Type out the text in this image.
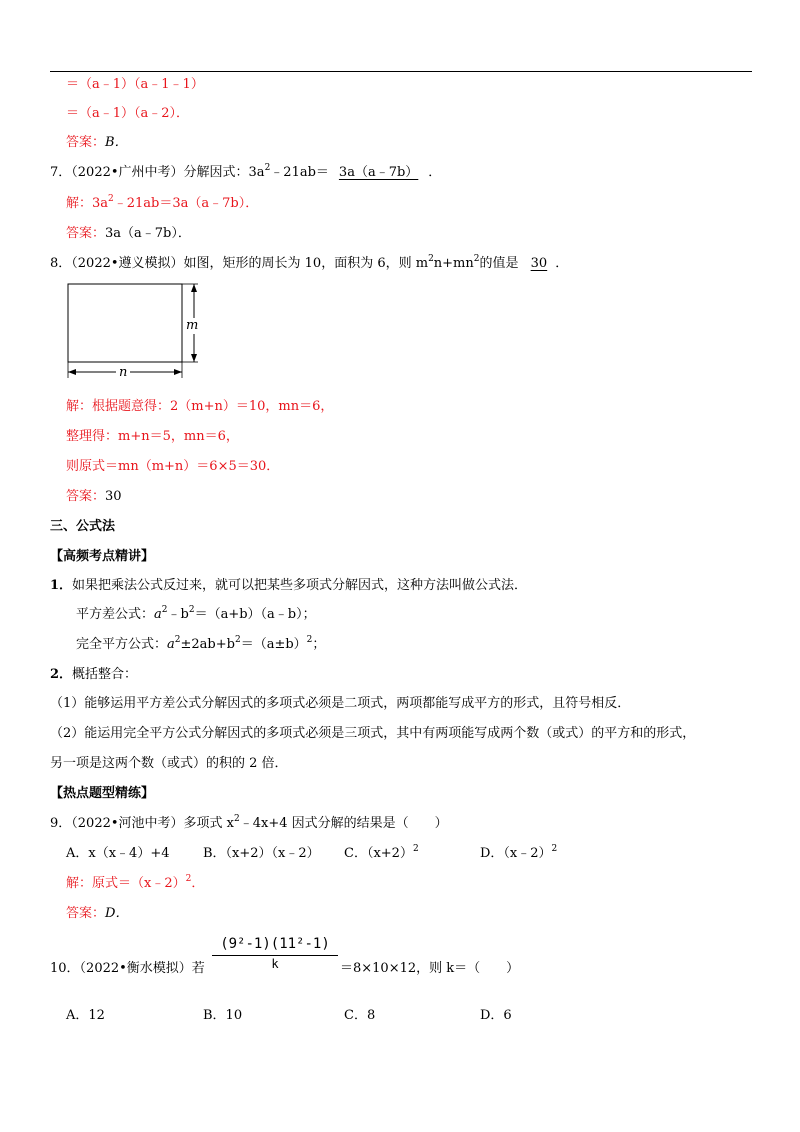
＝（a﹣1）（a﹣1﹣1）
＝（a﹣1）（a﹣2）．
答案：B．
7．（2022•广州中考）分解因式：$3a^2﹣21ab=$ 3a（a﹣7b） ．
解：$3a^2﹣21ab=3a(a﹣7b)$．
答案：3a（a﹣7b）．
8．（2022•遵义模拟）如图，矩形的周长为 10，面积为 6，则 $m^2n+mn^2$的值是 30 ．
m
n
解：根据题意得：2（m+n）＝10，mn＝6，
整理得：m+n＝5，mn＝6，
则原式＝mn（m+n）＝6×5＝30．
答案：30
三、公式法
【高频考点精讲】
1．如果把乘法公式反过来，就可以把某些多项式分解因式，这种方法叫做公式法．
平方差公式：$a^2﹣b^2=(a+b)(a﹣b)$；
完全平方公式：$a^2\pm 2ab+b^2=(a\pm b)^2$；
2．概括整合：
（1）能够运用平方差公式分解因式的多项式必须是二项式，两项都能写成平方的形式，且符号相反．
（2）能运用完全平方公式分解因式的多项式必须是三项式，其中有两项能写成两个数（或式）的平方和的形式，
另一项是这两个数（或式）的积的 2 倍．
【热点题型精练】
9．（2022•河池中考）多项式 $x^2﹣4x+4$ 因式分解的结果是（　　）
A．x（x﹣4）+4	B．（x+2）（x﹣2） C．$(x+2)^2$	D．（x﹣2）$^2$
解：原式＝（x﹣2）$^2$．
答案：D．
10．（2022•衡水模拟）若
(9²-1)(11²-1)
k	＝8×10×12，则 k＝（　　）
A．12	B．10	C．8	D．6
